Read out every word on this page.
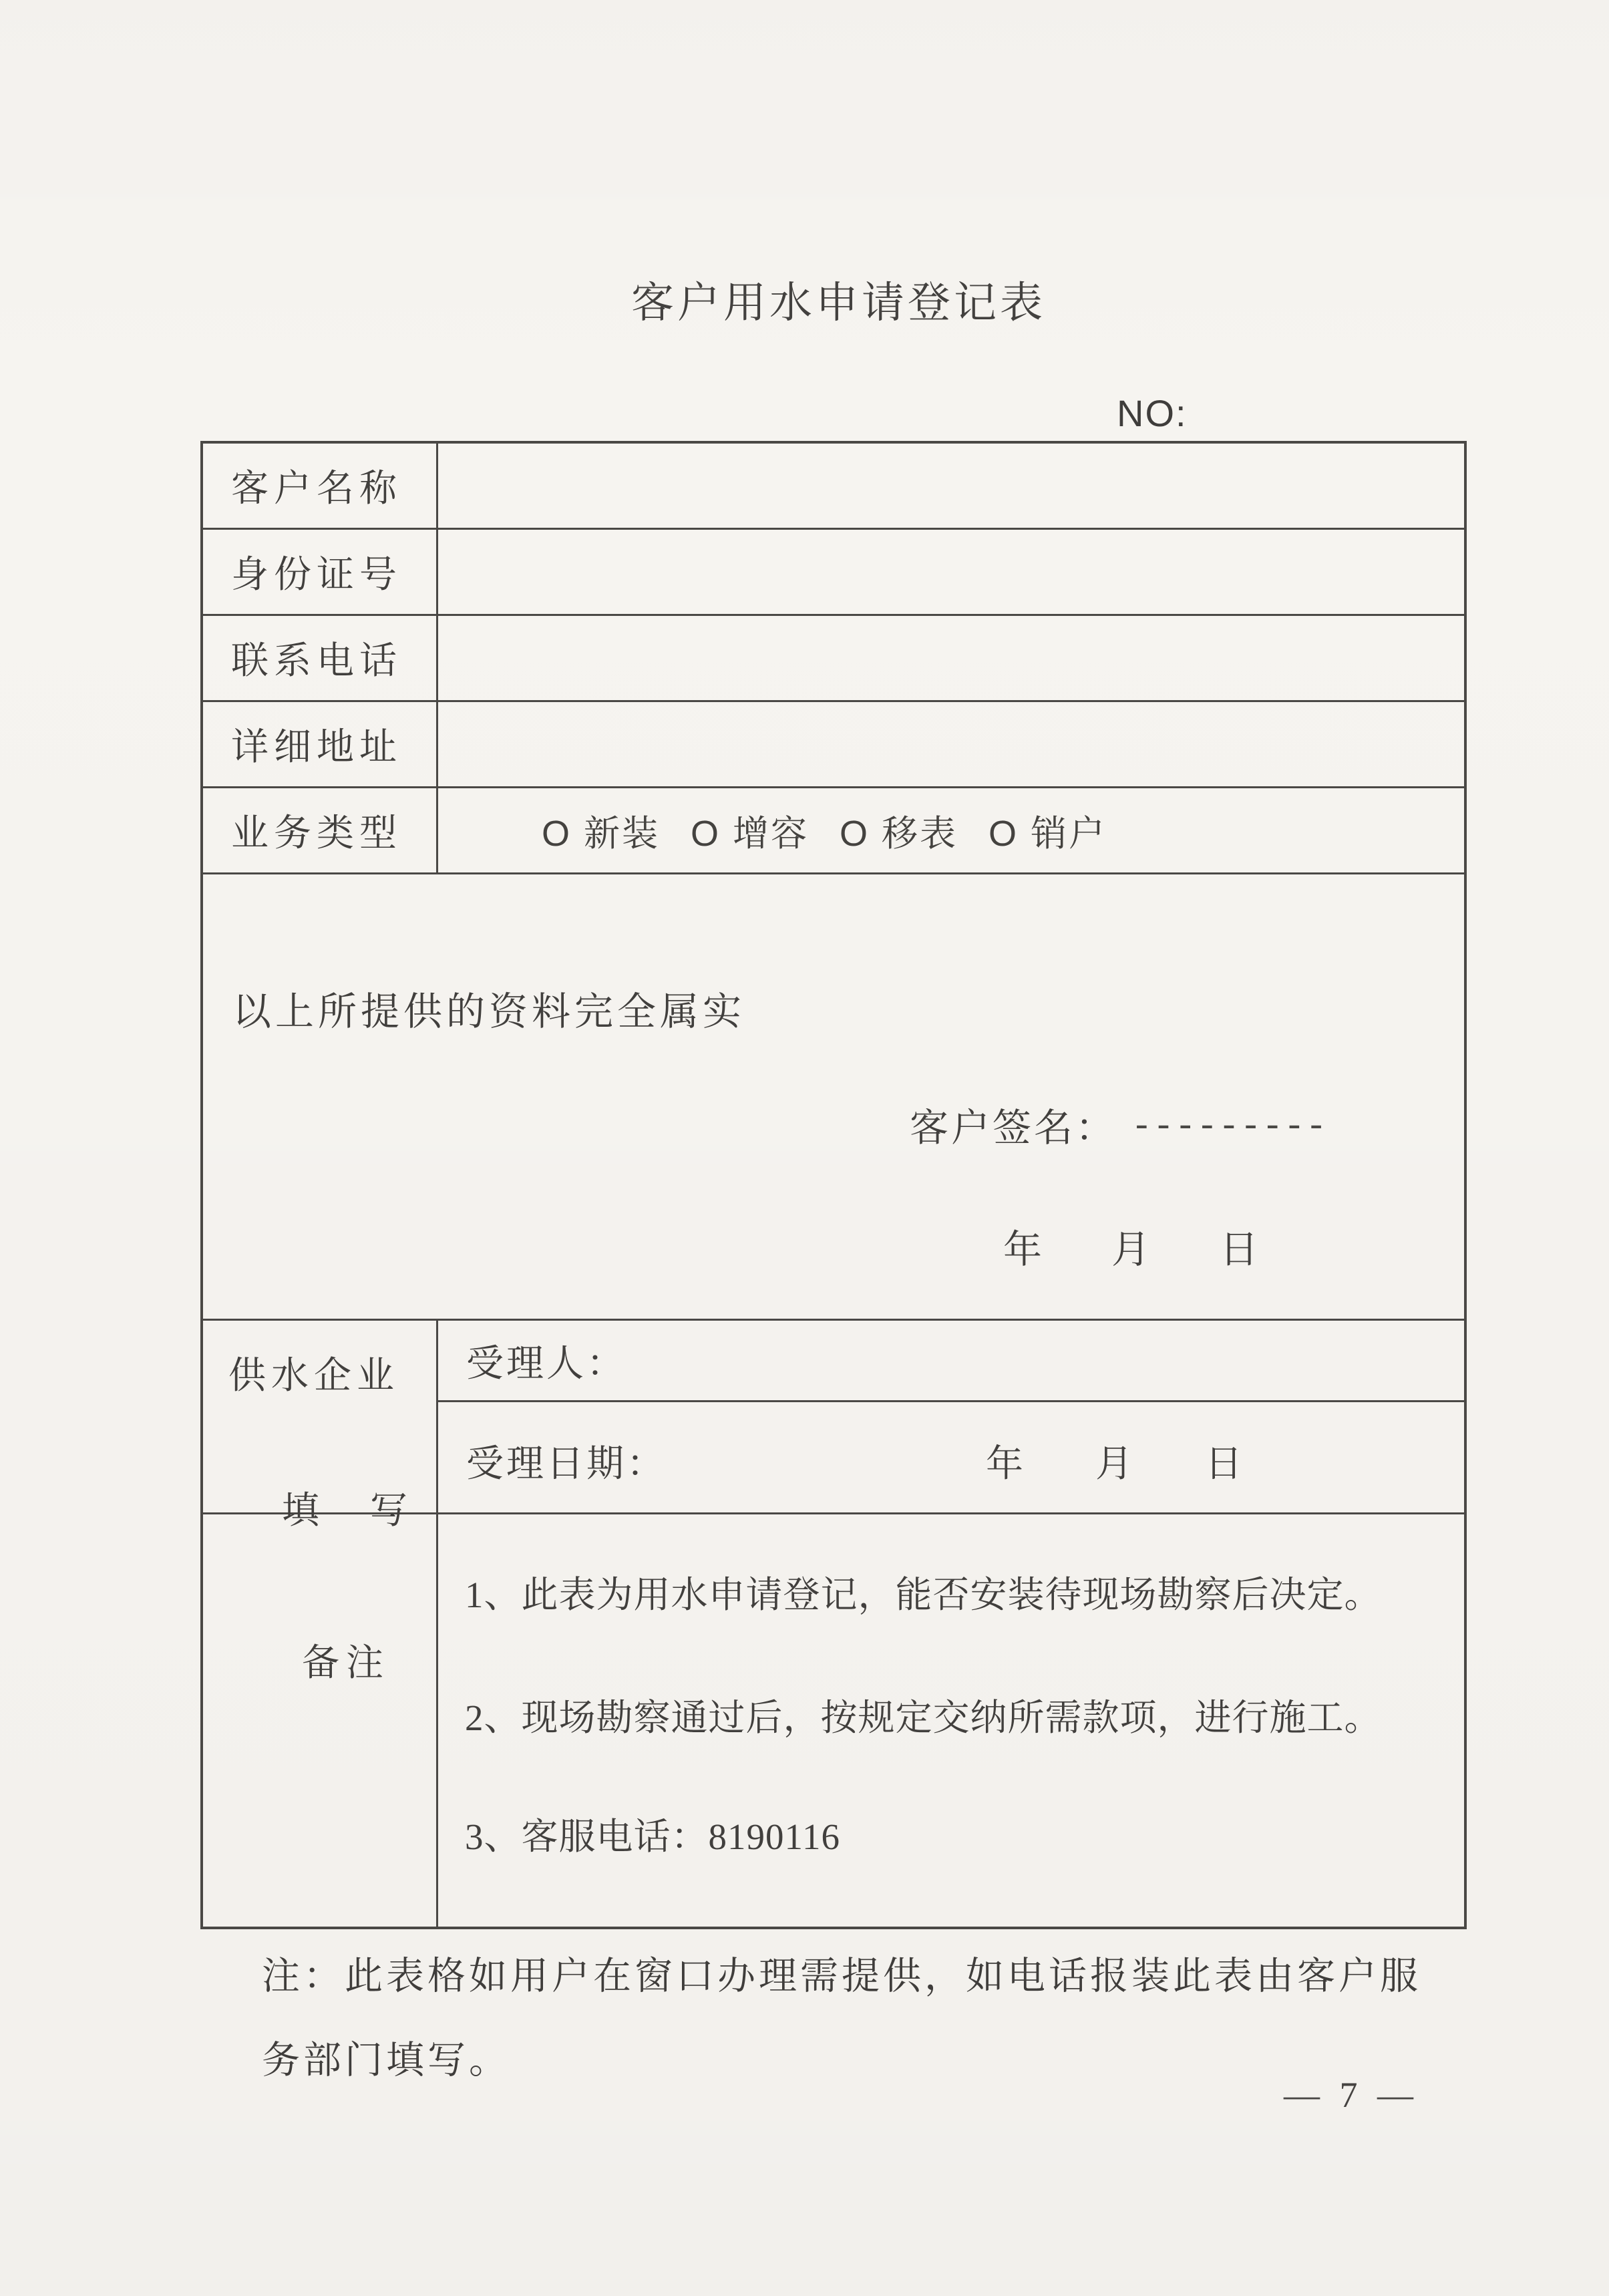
客户用水申请登记表
NO:
客户名称
身份证号
联系电话
详细地址
业务类型	O 新装 O 增容 O 移表 O 销户
以上所提供的资料完全属实
客户签名： ---------
年 月 日
供水企业
填　写
受理人：
受理日期：	年 月 日
备注
1、此表为用水申请登记，能否安装待现场勘察后决定。
2、现场勘察通过后，按规定交纳所需款项，进行施工。
3、客服电话：8190116
注：此表格如用户在窗口办理需提供，如电话报装此表由客户服
务部门填写。
— 7 —
